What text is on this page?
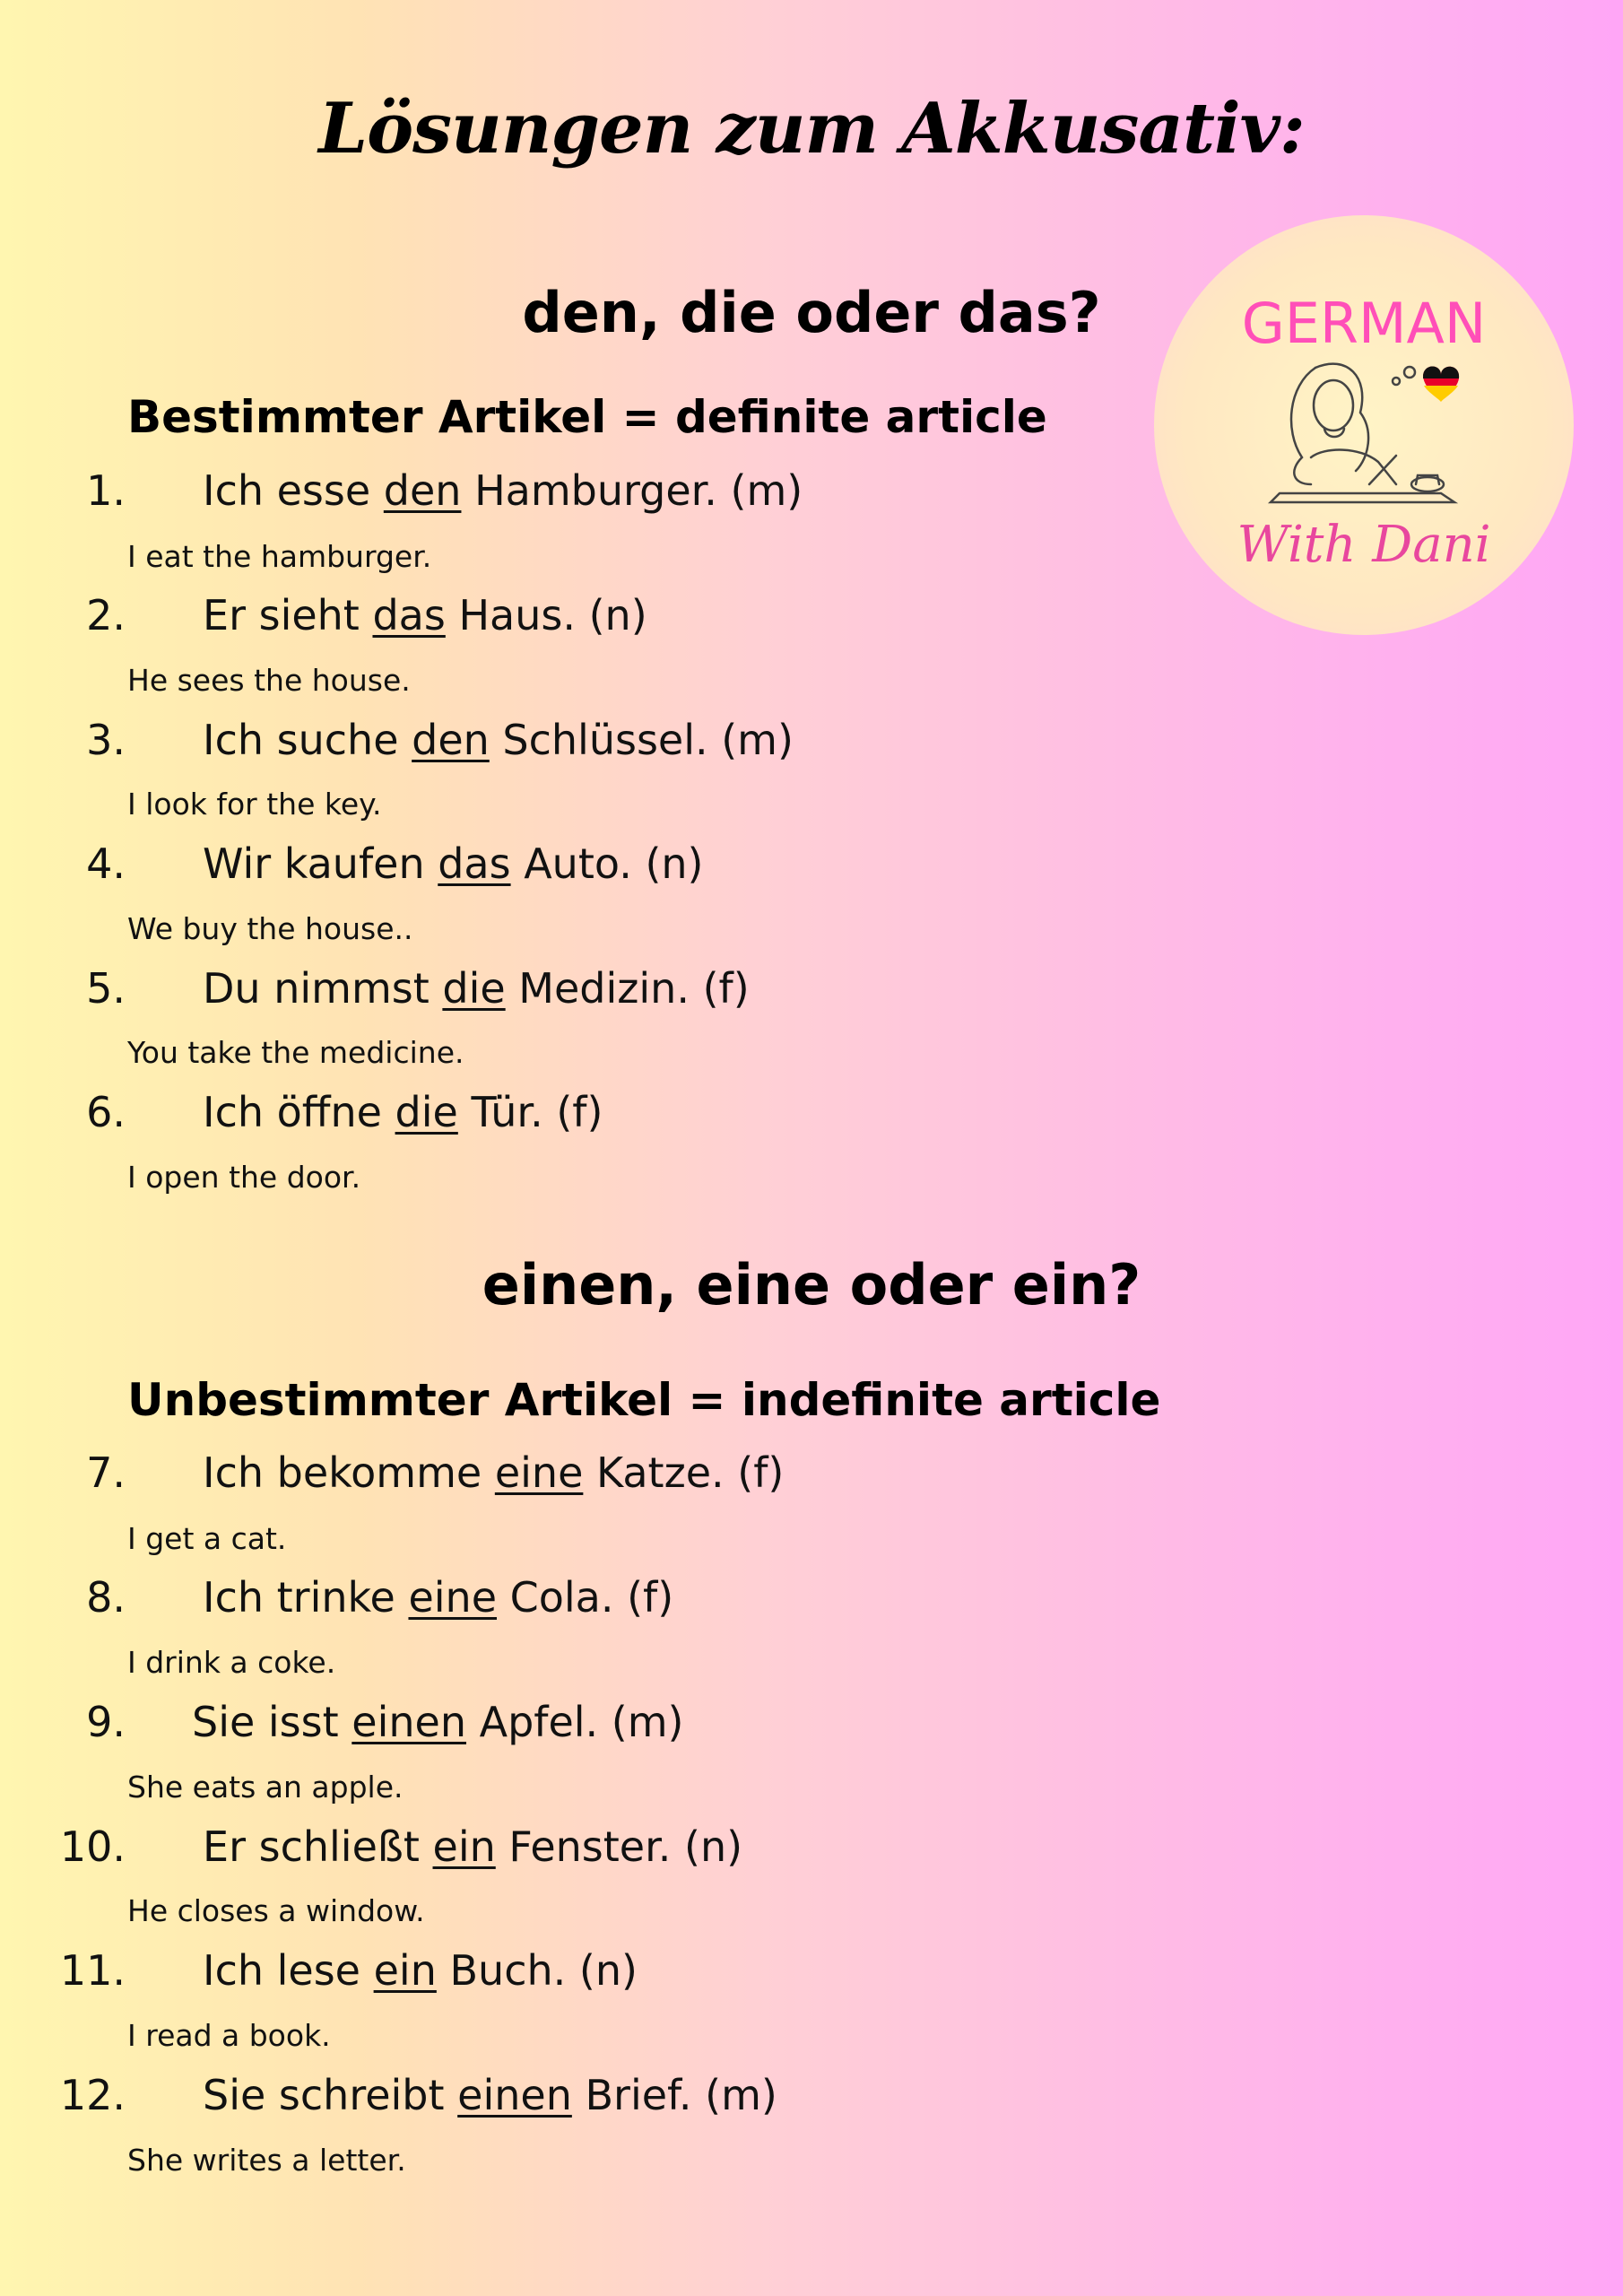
Lösungen zum Akkusativ:
GERMAN
With Dani
den, die oder das?
Bestimmter Artikel = definite article
1. Ich esse den Hamburger. (m)
I eat the hamburger.
2. Er sieht das Haus. (n)
He sees the house.
3. Ich suche den Schlüssel. (m)
I look for the key.
4. Wir kaufen das Auto. (n)
We buy the house..
5. Du nimmst die Medizin. (f)
You take the medicine.
6. Ich öffne die Tür. (f)
I open the door.
einen, eine oder ein?
Unbestimmter Artikel = indefinite article
7. Ich bekomme eine Katze. (f)
I get a cat.
8. Ich trinke eine Cola. (f)
I drink a coke.
9. Sie isst einen Apfel. (m)
She eats an apple.
10. Er schließt ein Fenster. (n)
He closes a window.
11. Ich lese ein Buch. (n)
I read a book.
12. Sie schreibt einen Brief. (m)
She writes a letter.
